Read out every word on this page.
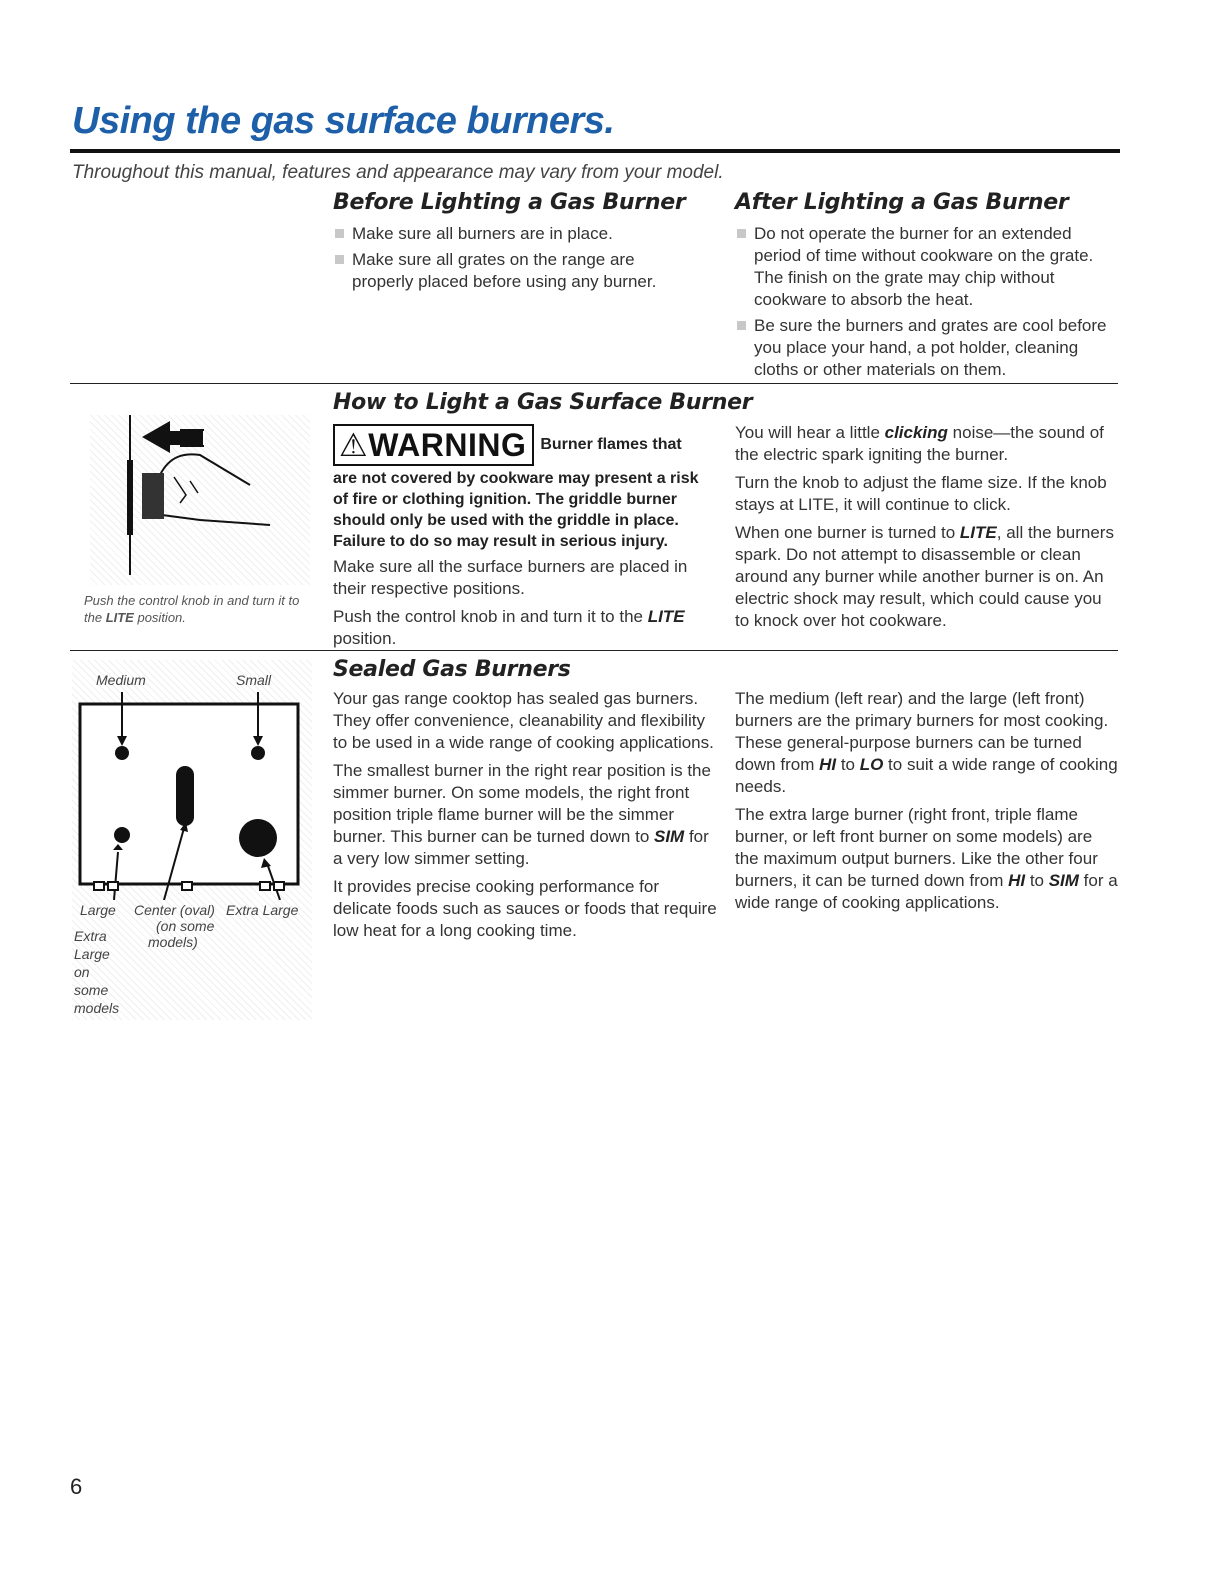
Using the gas surface burners.
Throughout this manual, features and appearance may vary from your model.
Before Lighting a Gas Burner
Make sure all burners are in place.
Make sure all grates on the range are properly placed before using any burner.
After Lighting a Gas Burner
Do not operate the burner for an extended period of time without cookware on the grate. The finish on the grate may chip without cookware to absorb the heat.
Be sure the burners and grates are cool before you place your hand, a pot holder, cleaning cloths or other materials on them.
How to Light a Gas Surface Burner
Push the control knob in and turn it to the LITE position.
⚠WARNING Burner flames that
are not covered by cookware may present a risk of fire or clothing ignition. The griddle burner should only be used with the griddle in place. Failure to do so may result in serious injury.

Make sure all the surface burners are placed in their respective positions.

Push the control knob in and turn it to the LITE position.

You will hear a little clicking noise—the sound of the electric spark igniting the burner.

Turn the knob to adjust the flame size. If the knob stays at LITE, it will continue to click.

When one burner is turned to LITE, all the burners spark. Do not attempt to disassemble or clean around any burner while another burner is on. An electric shock may result, which could cause you to knock over hot cookware.

Sealed Gas Burners

Your gas range cooktop has sealed gas burners. They offer convenience, cleanability and flexibility to be used in a wide range of cooking applications.

The smallest burner in the right rear position is the simmer burner. On some models, the right front position triple flame burner will be the simmer burner. This burner can be turned down to SIM for a very low simmer setting.

It provides precise cooking performance for delicate foods such as sauces or foods that require low heat for a long cooking time.

The medium (left rear) and the large (left front) burners are the primary burners for most cooking. These general-purpose burners can be turned down from HI to LO to suit a wide range of cooking needs.

The extra large burner (right front, triple flame burner, or left front burner on some models) are the maximum output burners. Like the other four burners, it can be turned down from HI to SIM for a wide range of cooking applications.

Medium	Small
Large Center (oval) Extra Large
(on some
models)
Extra
Large
on
some
models
6
